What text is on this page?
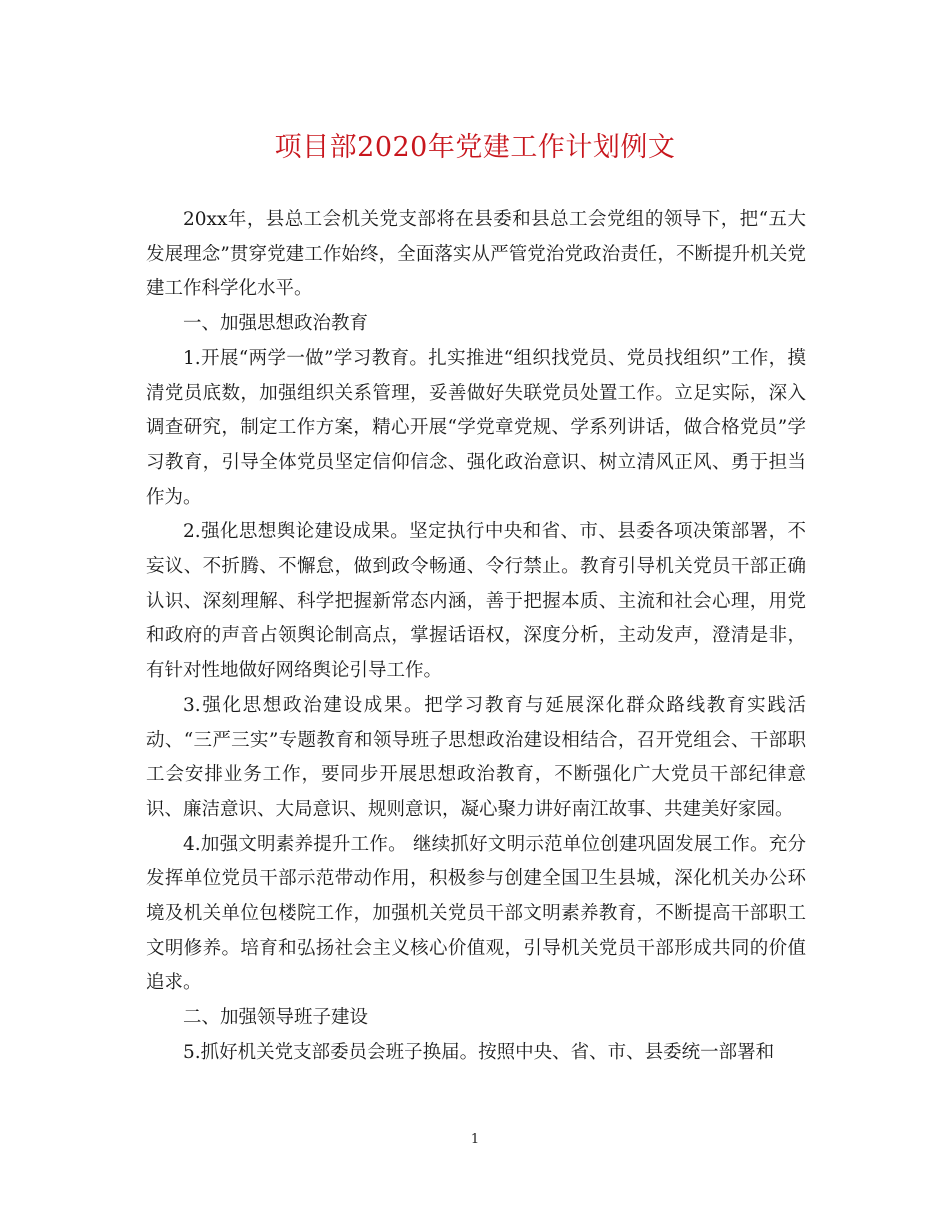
项目部2020年党建工作计划例文

20xx年，县总工会机关党支部将在县委和县总工会党组的领导下，把“五大发展理念”贯穿党建工作始终，全面落实从严管党治党政治责任，不断提升机关党建工作科学化水平。

一、加强思想政治教育

1.开展“两学一做”学习教育。扎实推进“组织找党员、党员找组织”工作，摸清党员底数，加强组织关系管理，妥善做好失联党员处置工作。立足实际，深入调查研究，制定工作方案，精心开展“学党章党规、学系列讲话，做合格党员”学习教育，引导全体党员坚定信仰信念、强化政治意识、树立清风正风、勇于担当作为。

2.强化思想舆论建设成果。坚定执行中央和省、市、县委各项决策部署，不妄议、不折腾、不懈怠，做到政令畅通、令行禁止。教育引导机关党员干部正确认识、深刻理解、科学把握新常态内涵，善于把握本质、主流和社会心理，用党和政府的声音占领舆论制高点，掌握话语权，深度分析，主动发声，澄清是非，有针对性地做好网络舆论引导工作。

3.强化思想政治建设成果。把学习教育与延展深化群众路线教育实践活动、“三严三实”专题教育和领导班子思想政治建设相结合，召开党组会、干部职工会安排业务工作，要同步开展思想政治教育，不断强化广大党员干部纪律意识、廉洁意识、大局意识、规则意识，凝心聚力讲好南江故事、共建美好家园。

4.加强文明素养提升工作。 继续抓好文明示范单位创建巩固发展工作。充分发挥单位党员干部示范带动作用，积极参与创建全国卫生县城，深化机关办公环境及机关单位包楼院工作，加强机关党员干部文明素养教育，不断提高干部职工文明修养。培育和弘扬社会主义核心价值观，引导机关党员干部形成共同的价值追求。

二、加强领导班子建设

5.抓好机关党支部委员会班子换届。按照中央、省、市、县委统一部署和

1
